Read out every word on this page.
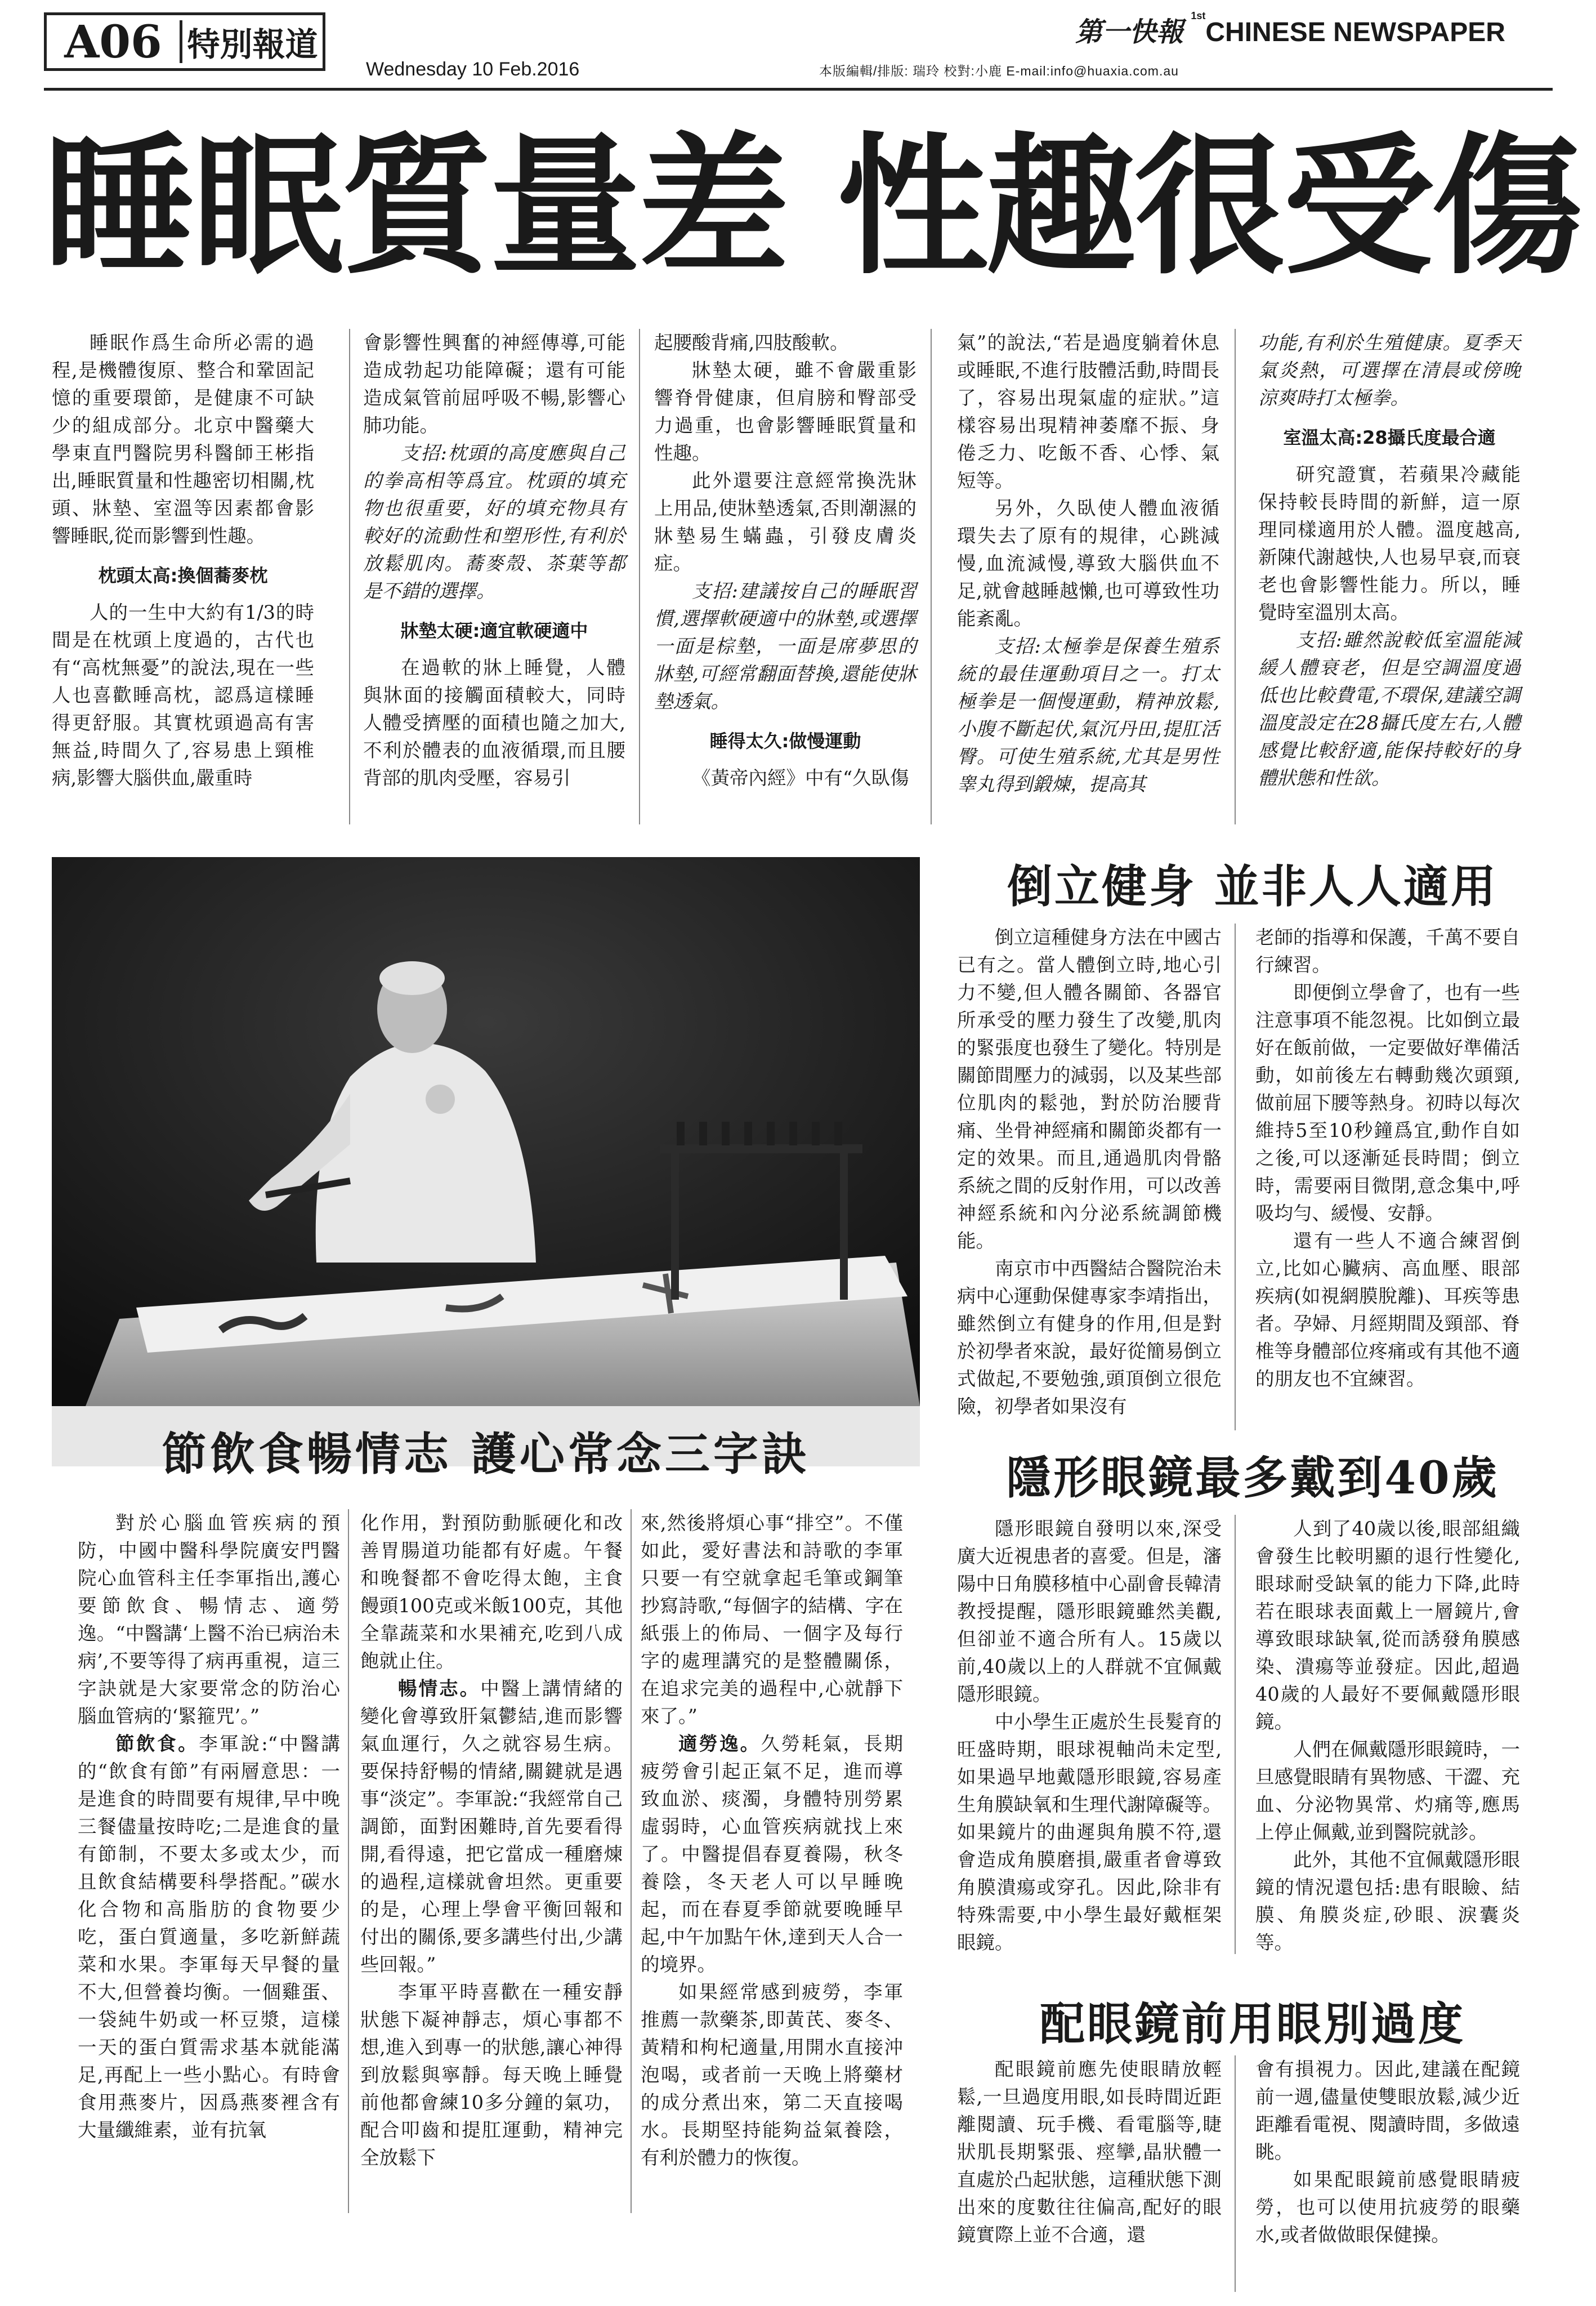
A06 特別報道
Wednesday 10 Feb.2016	本版編輯/排版: 瑞玲 校對:小鹿 E-mail:info@huaxia.com.au
第一快報 $^{1st}$CHINESE NEWSPAPER
睡眠質量差 性趣很受傷

睡眠作爲生命所必需的過程,是機體復原、整合和鞏固記憶的重要環節，是健康不可缺少的組成部分。北京中醫藥大學東直門醫院男科醫師王彬指出,睡眠質量和性趣密切相關,枕頭、牀墊、室溫等因素都會影響睡眠,從而影響到性趣。

枕頭太高:換個蕎麥枕

人的一生中大約有1/3的時間是在枕頭上度過的，古代也有“高枕無憂”的說法,現在一些人也喜歡睡高枕，認爲這樣睡得更舒服。其實枕頭過高有害無益,時間久了,容易患上頸椎病,影響大腦供血,嚴重時

會影響性興奮的神經傳導,可能造成勃起功能障礙；還有可能造成氣管前屈呼吸不暢,影響心肺功能。

支招:枕頭的高度應與自己的拳高相等爲宜。枕頭的填充物也很重要，好的填充物具有較好的流動性和塑形性,有利於放鬆肌肉。蕎麥殼、茶葉等都是不錯的選擇。

牀墊太硬:適宜軟硬適中

在過軟的牀上睡覺，人體與牀面的接觸面積較大，同時人體受擠壓的面積也隨之加大,不利於體表的血液循環,而且腰背部的肌肉受壓，容易引

起腰酸背痛,四肢酸軟。

牀墊太硬，雖不會嚴重影響脊骨健康，但肩膀和臀部受力過重，也會影響睡眠質量和性趣。

此外還要注意經常換洗牀上用品,使牀墊透氣,否則潮濕的牀墊易生蟎蟲，引發皮膚炎症。

支招:建議按自己的睡眠習慣,選擇軟硬適中的牀墊,或選擇一面是棕墊，一面是席夢思的牀墊,可經常翻面替換,還能使牀墊透氣。

睡得太久:做慢運動

《黃帝內經》中有“久臥傷

氣”的說法,“若是過度躺着休息或睡眠,不進行肢體活動,時間長了，容易出現氣虛的症狀。”這樣容易出現精神萎靡不振、身倦乏力、吃飯不香、心悸、氣短等。

另外，久臥使人體血液循環失去了原有的規律，心跳減慢,血流減慢,導致大腦供血不足,就會越睡越懶,也可導致性功能紊亂。

支招:太極拳是保養生殖系統的最佳運動項目之一。打太極拳是一個慢運動，精神放鬆,小腹不斷起伏,氣沉丹田,提肛活臀。可使生殖系統,尤其是男性睾丸得到鍛煉，提高其

功能,有利於生殖健康。夏季天氣炎熱，可選擇在清晨或傍晚涼爽時打太極拳。

室溫太高:28攝氏度最合適

研究證實，若蘋果冷藏能保持較長時間的新鮮，這一原理同樣適用於人體。溫度越高,新陳代謝越快,人也易早衰,而衰老也會影響性能力。所以，睡覺時室溫別太高。

支招:雖然說較低室溫能減緩人體衰老，但是空調溫度過低也比較費電,不環保,建議空調溫度設定在28攝氏度左右,人體感覺比較舒適,能保持較好的身體狀態和性欲。

節飲食暢情志 護心常念三字訣

對於心腦血管疾病的預防，中國中醫科學院廣安門醫院心血管科主任李軍指出,護心要節飲食、暢情志、適勞逸。“中醫講‘上醫不治已病治未病’,不要等得了病再重視，這三字訣就是大家要常念的防治心腦血管病的‘緊箍咒’。”

節飲食。李軍說:“中醫講的“飲食有節”有兩層意思：一是進食的時間要有規律,早中晚三餐儘量按時吃;二是進食的量有節制，不要太多或太少，而且飲食結構要科學搭配。”碳水化合物和高脂肪的食物要少吃，蛋白質適量，多吃新鮮蔬菜和水果。李軍每天早餐的量不大,但營養均衡。一個雞蛋、一袋純牛奶或一杯豆漿，這樣一天的蛋白質需求基本就能滿足,再配上一些小點心。有時會食用燕麥片，因爲燕麥裡含有大量纖維素，並有抗氧

化作用，對預防動脈硬化和改善胃腸道功能都有好處。午餐和晚餐都不會吃得太飽，主食饅頭100克或米飯100克，其他全靠蔬菜和水果補充,吃到八成飽就止住。

暢情志。中醫上講情緒的變化會導致肝氣鬱結,進而影響氣血運行，久之就容易生病。要保持舒暢的情緒,關鍵就是遇事“淡定”。李軍說:“我經常自己調節，面對困難時,首先要看得開,看得遠，把它當成一種磨煉的過程,這樣就會坦然。更重要的是，心理上學會平衡回報和付出的關係,要多講些付出,少講些回報。”

李軍平時喜歡在一種安靜狀態下凝神靜志，煩心事都不想,進入到專一的狀態,讓心神得到放鬆與寧靜。每天晚上睡覺前他都會練10多分鐘的氣功，配合叩齒和提肛運動，精神完全放鬆下

來,然後將煩心事“排空”。不僅如此，愛好書法和詩歌的李軍只要一有空就拿起毛筆或鋼筆抄寫詩歌,“每個字的結構、字在紙張上的佈局、一個字及每行字的處理講究的是整體關係，在追求完美的過程中,心就靜下來了。”

適勞逸。久勞耗氣，長期疲勞會引起正氣不足，進而導致血淤、痰濁，身體特別勞累虛弱時，心血管疾病就找上來了。中醫提倡春夏養陽，秋冬養陰，冬天老人可以早睡晚起，而在春夏季節就要晚睡早起,中午加點午休,達到天人合一的境界。

如果經常感到疲勞，李軍推薦一款藥茶,即黃芪、麥冬、黃精和枸杞適量,用開水直接沖泡喝，或者前一天晚上將藥材的成分煮出來，第二天直接喝水。長期堅持能夠益氣養陰，有利於體力的恢復。

倒立健身 並非人人適用

倒立這種健身方法在中國古已有之。當人體倒立時,地心引力不變,但人體各關節、各器官所承受的壓力發生了改變,肌肉的緊張度也發生了變化。特別是關節間壓力的減弱，以及某些部位肌肉的鬆弛，對於防治腰背痛、坐骨神經痛和關節炎都有一定的效果。而且,通過肌肉骨骼系統之間的反射作用，可以改善神經系統和內分泌系統調節機能。

南京市中西醫結合醫院治未病中心運動保健專家李靖指出，雖然倒立有健身的作用,但是對於初學者來說，最好從簡易倒立式做起,不要勉強,頭頂倒立很危險，初學者如果沒有

老師的指導和保護，千萬不要自行練習。

即便倒立學會了，也有一些注意事項不能忽視。比如倒立最好在飯前做，一定要做好準備活動，如前後左右轉動幾次頭頸,做前屈下腰等熱身。初時以每次維持5至10秒鐘爲宜,動作自如之後,可以逐漸延長時間；倒立時，需要兩目微閉,意念集中,呼吸均勻、緩慢、安靜。

還有一些人不適合練習倒立,比如心臟病、高血壓、眼部疾病(如視網膜脫離)、耳疾等患者。孕婦、月經期間及頸部、脊椎等身體部位疼痛或有其他不適的朋友也不宜練習。

隱形眼鏡最多戴到40歲

隱形眼鏡自發明以來,深受廣大近視患者的喜愛。但是，瀋陽中日角膜移植中心副會長韓清教授提醒，隱形眼鏡雖然美觀,但卻並不適合所有人。15歲以前,40歲以上的人群就不宜佩戴隱形眼鏡。

中小學生正處於生長髮育的旺盛時期，眼球視軸尚未定型,如果過早地戴隱形眼鏡,容易產生角膜缺氧和生理代謝障礙等。如果鏡片的曲遲與角膜不符,還會造成角膜磨損,嚴重者會導致角膜潰瘍或穿孔。因此,除非有特殊需要,中小學生最好戴框架眼鏡。

人到了40歲以後,眼部組織會發生比較明顯的退行性變化,眼球耐受缺氧的能力下降,此時若在眼球表面戴上一層鏡片,會導致眼球缺氧,從而誘發角膜感染、潰瘍等並發症。因此,超過40歲的人最好不要佩戴隱形眼鏡。

人們在佩戴隱形眼鏡時，一旦感覺眼睛有異物感、干澀、充血、分泌物異常、灼痛等,應馬上停止佩戴,並到醫院就診。

此外，其他不宜佩戴隱形眼鏡的情況還包括:患有眼瞼、結膜、角膜炎症,砂眼、淚囊炎等。

配眼鏡前用眼別過度

配眼鏡前應先使眼睛放輕鬆,一旦過度用眼,如長時間近距離閱讀、玩手機、看電腦等,睫狀肌長期緊張、痙攣,晶狀體一直處於凸起狀態，這種狀態下測出來的度數往往偏高,配好的眼鏡實際上並不合適，還

會有損視力。因此,建議在配鏡前一週,儘量使雙眼放鬆,減少近距離看電視、閱讀時間，多做遠眺。

如果配眼鏡前感覺眼睛疲勞，也可以使用抗疲勞的眼藥水,或者做做眼保健操。
